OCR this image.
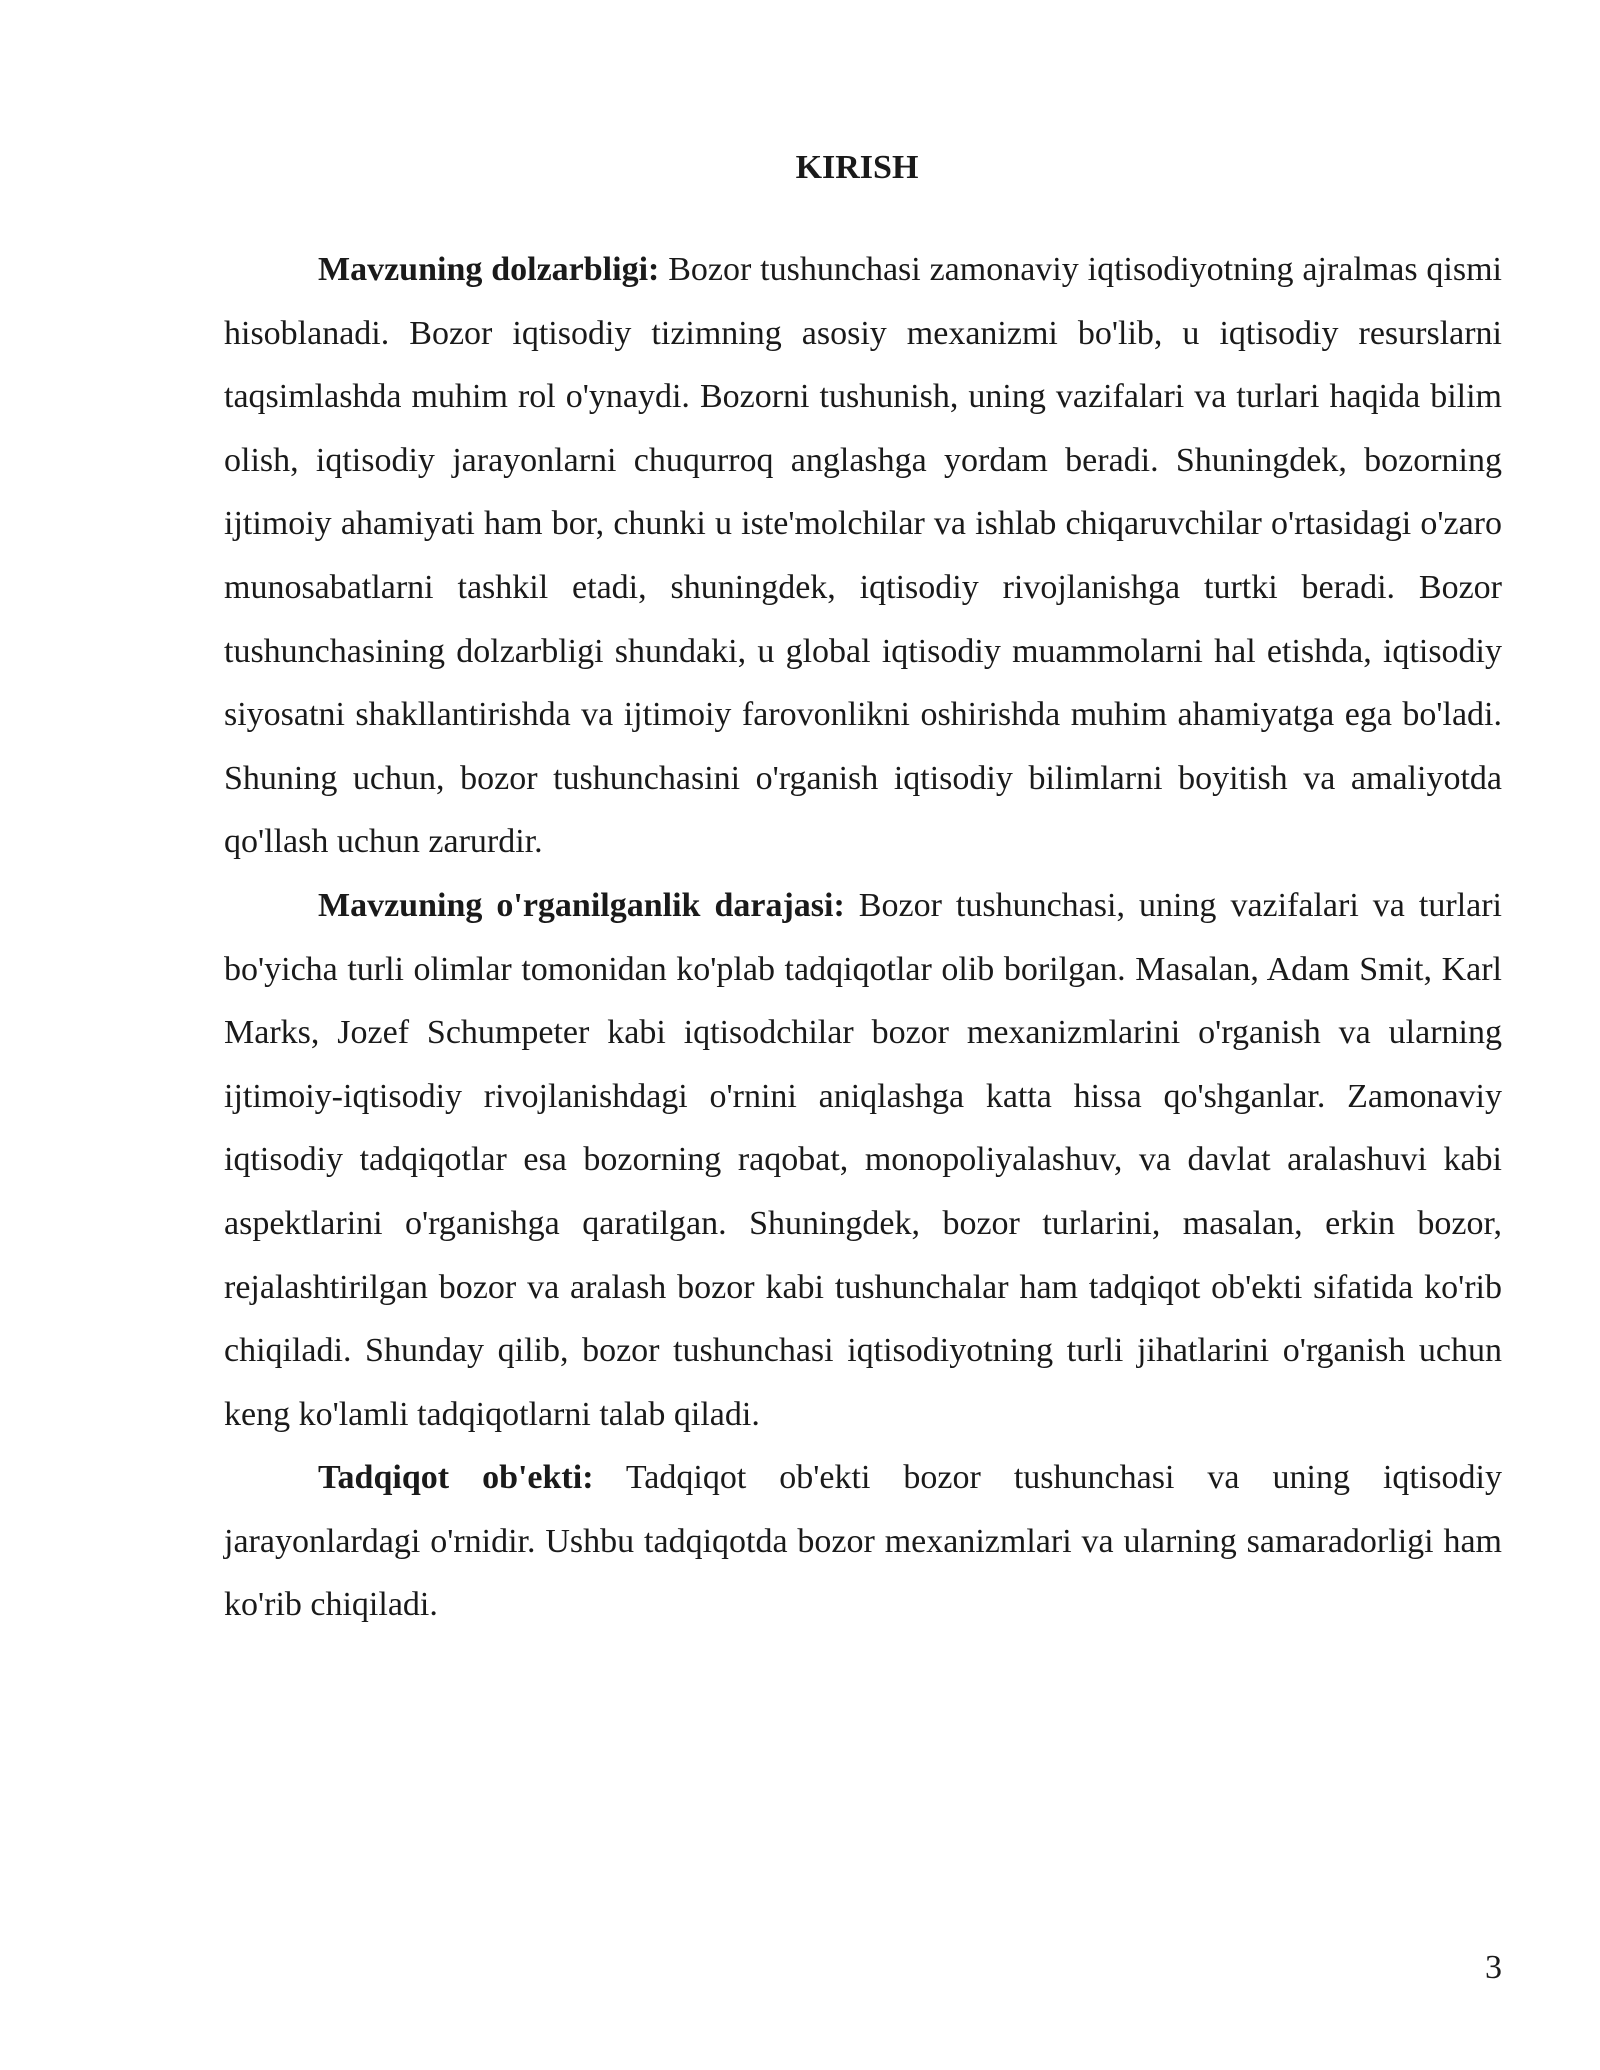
KIRISH

Mavzuning dolzarbligi: Bozor tushunchasi zamonaviy iqtisodiyotning ajralmas qismi hisoblanadi. Bozor iqtisodiy tizimning asosiy mexanizmi bo'lib, u iqtisodiy resurslarni taqsimlashda muhim rol o'ynaydi. Bozorni tushunish, uning vazifalari va turlari haqida bilim olish, iqtisodiy jarayonlarni chuqurroq anglashga yordam beradi. Shuningdek, bozorning ijtimoiy ahamiyati ham bor, chunki u iste'molchilar va ishlab chiqaruvchilar o'rtasidagi o'zaro munosabatlarni tashkil etadi, shuningdek, iqtisodiy rivojlanishga turtki beradi. Bozor tushunchasining dolzarbligi shundaki, u global iqtisodiy muammolarni hal etishda, iqtisodiy siyosatni shakllantirishda va ijtimoiy farovonlikni oshirishda muhim ahamiyatga ega bo'ladi. Shuning uchun, bozor tushunchasini o'rganish iqtisodiy bilimlarni boyitish va amaliyotda qo'llash uchun zarurdir.

Mavzuning o'rganilganlik darajasi: Bozor tushunchasi, uning vazifalari va turlari bo'yicha turli olimlar tomonidan ko'plab tadqiqotlar olib borilgan. Masalan, Adam Smit, Karl Marks, Jozef Schumpeter kabi iqtisodchilar bozor mexanizmlarini o'rganish va ularning ijtimoiy-iqtisodiy rivojlanishdagi o'rnini aniqlashga katta hissa qo'shganlar. Zamonaviy iqtisodiy tadqiqotlar esa bozorning raqobat, monopoliyalashuv, va davlat aralashuvi kabi aspektlarini o'rganishga qaratilgan. Shuningdek, bozor turlarini, masalan, erkin bozor, rejalashtirilgan bozor va aralash bozor kabi tushunchalar ham tadqiqot ob'ekti sifatida ko'rib chiqiladi. Shunday qilib, bozor tushunchasi iqtisodiyotning turli jihatlarini o'rganish uchun keng ko'lamli tadqiqotlarni talab qiladi.

Tadqiqot ob'ekti: Tadqiqot ob'ekti bozor tushunchasi va uning iqtisodiy jarayonlardagi o'rnidir. Ushbu tadqiqotda bozor mexanizmlari va ularning samaradorligi ham ko'rib chiqiladi.

3
